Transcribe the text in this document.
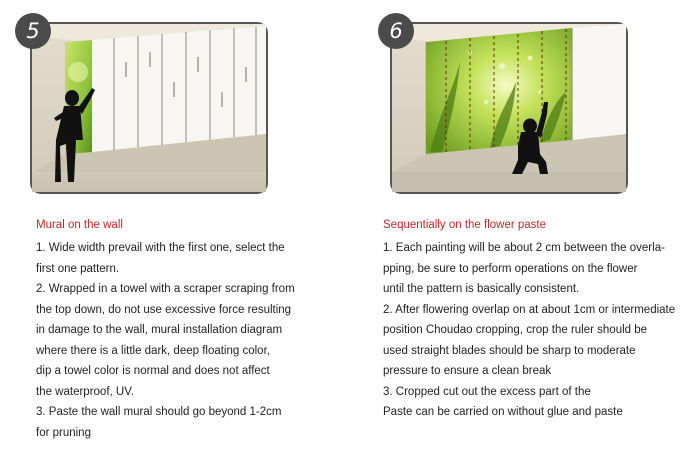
5
Mural on the wall
1. Wide width prevail with the first one, select the
first one pattern.
2. Wrapped in a towel with a scraper scraping from
the top down, do not use excessive force resulting
in damage to the wall, mural installation diagram
where there is a little dark, deep floating color,
dip a towel color is normal and does not affect
the waterproof, UV.
3. Paste the wall mural should go beyond 1-2cm
for pruning
6
Sequentially on the flower paste
1. Each painting will be about 2 cm between the overla-
pping, be sure to perform operations on the flower
until the pattern is basically consistent.
2. After flowering overlap on at about 1cm or intermediate
position Choudao cropping, crop the ruler should be
used straight blades should be sharp to moderate
pressure to ensure a clean break
3. Cropped cut out the excess part of the
Paste can be carried on without glue and paste
